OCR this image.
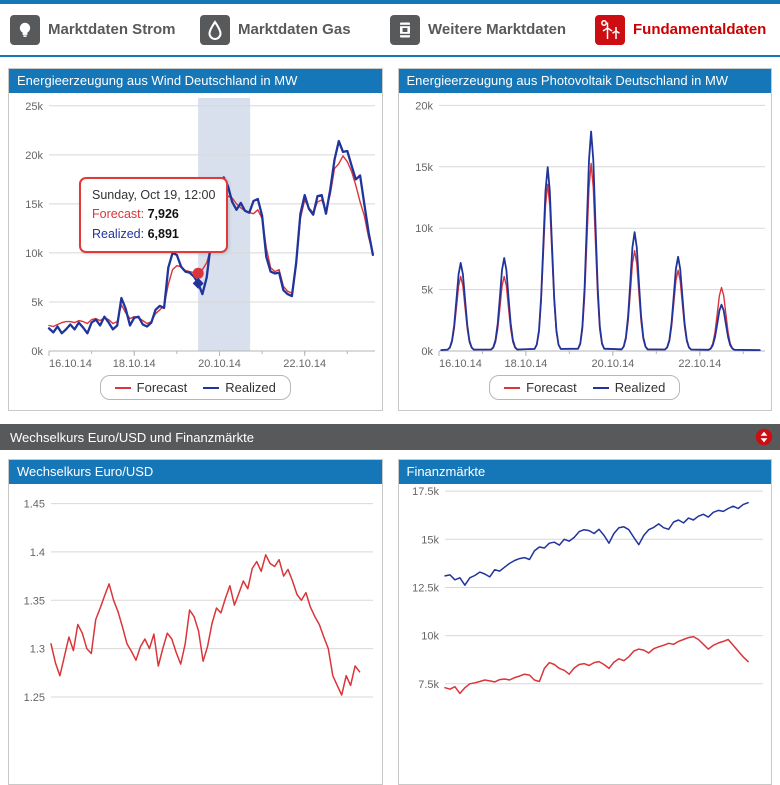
Marktdaten Strom	Marktdaten Gas	Weitere Marktdaten	Fundamentaldaten
Energieerzeugung aus Wind Deutschland in MW
0k
5k
10k
15k
20k
25k
16.10.14 18.10.14	20.10.14	22.10.14
Sunday, Oct 19, 12:00
Forecast: 7,926
Realized: 6,891
Forecast	Realized
Energieerzeugung aus Photovoltaik Deutschland in MW
0k
5k
10k
15k
20k
16.10.14 18.10.14	20.10.14	22.10.14
Forecast	Realized
Wechselkurs Euro/USD und Finanzmärkte
Wechselkurs Euro/USD
1.25
1.3
1.35
1.4
1.45
Finanzmärkte
7.5k
10k
12.5k
15k
17.5k
